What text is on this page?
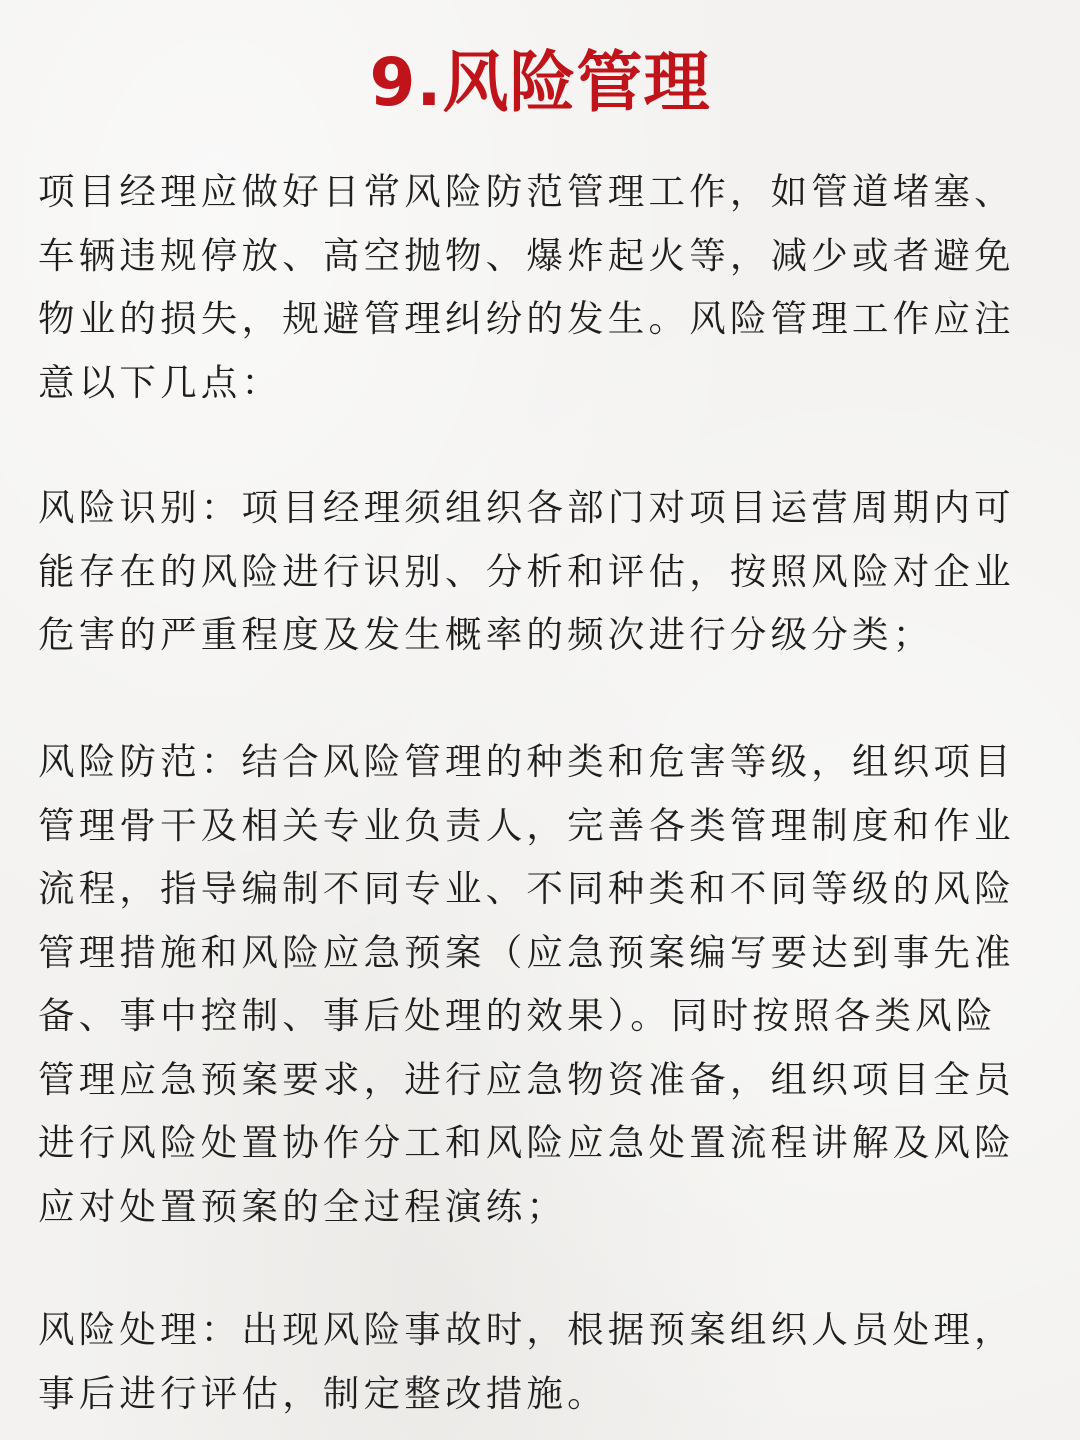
9.风险管理

项目经理应做好日常风险防范管理工作，如管道堵塞、车辆违规停放、高空抛物、爆炸起火等，减少或者避免物业的损失，规避管理纠纷的发生。风险管理工作应注意以下几点：

风险识别：项目经理须组织各部门对项目运营周期内可能存在的风险进行识别、分析和评估，按照风险对企业危害的严重程度及发生概率的频次进行分级分类；

风险防范：结合风险管理的种类和危害等级，组织项目管理骨干及相关专业负责人，完善各类管理制度和作业流程，指导编制不同专业、不同种类和不同等级的风险管理措施和风险应急预案（应急预案编写要达到事先准备、事中控制、事后处理的效果）。同时按照各类风险管理应急预案要求，进行应急物资准备，组织项目全员进行风险处置协作分工和风险应急处置流程讲解及风险应对处置预案的全过程演练；

风险处理：出现风险事故时，根据预案组织人员处理，事后进行评估，制定整改措施。
